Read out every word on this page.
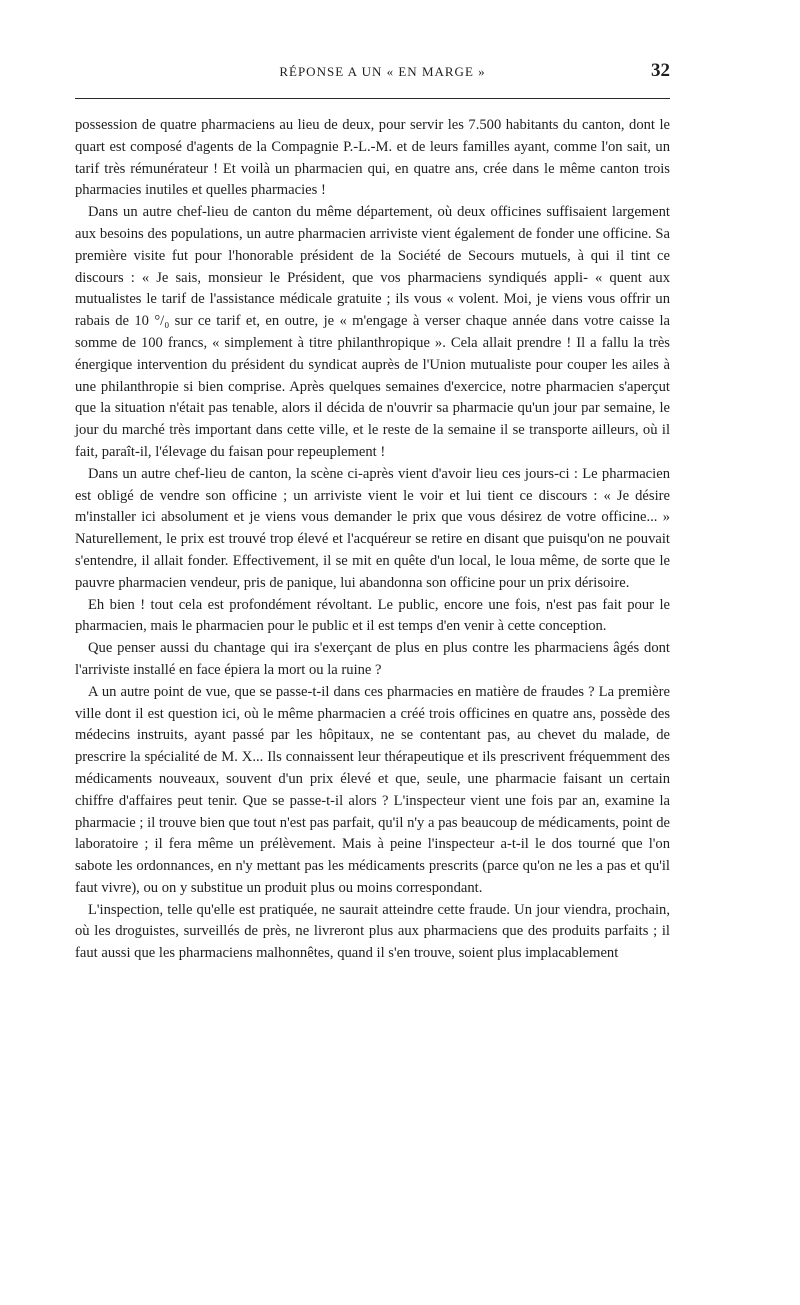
RÉPONSE A UN « EN MARGE »	32

possession de quatre pharmaciens au lieu de deux, pour servir les 7.500 habitants du canton, dont le quart est composé d'agents de la Compagnie P.-L.-M. et de leurs familles ayant, comme l'on sait, un tarif très rémunérateur ! Et voilà un pharmacien qui, en quatre ans, crée dans le même canton trois pharmacies inutiles et quelles pharmacies !

Dans un autre chef-lieu de canton du même département, où deux officines suffisaient largement aux besoins des populations, un autre pharmacien arriviste vient également de fonder une officine. Sa première visite fut pour l'honorable président de la Société de Secours mutuels, à qui il tint ce discours : « Je sais, monsieur le Président, que vos pharmaciens syndiqués appli- « quent aux mutualistes le tarif de l'assistance médicale gratuite ; ils vous « volent. Moi, je viens vous offrir un rabais de 10 °/₀ sur ce tarif et, en outre, je « m'engage à verser chaque année dans votre caisse la somme de 100 francs, « simplement à titre philanthropique ». Cela allait prendre ! Il a fallu la très énergique intervention du président du syndicat auprès de l'Union mutualiste pour couper les ailes à une philanthropie si bien comprise. Après quelques semaines d'exercice, notre pharmacien s'aperçut que la situation n'était pas tenable, alors il décida de n'ouvrir sa pharmacie qu'un jour par semaine, le jour du marché très important dans cette ville, et le reste de la semaine il se transporte ailleurs, où il fait, paraît-il, l'élevage du faisan pour repeuplement !

Dans un autre chef-lieu de canton, la scène ci-après vient d'avoir lieu ces jours-ci : Le pharmacien est obligé de vendre son officine ; un arriviste vient le voir et lui tient ce discours : « Je désire m'installer ici absolument et je viens vous demander le prix que vous désirez de votre officine... » Naturellement, le prix est trouvé trop élevé et l'acquéreur se retire en disant que puisqu'on ne pouvait s'entendre, il allait fonder. Effectivement, il se mit en quête d'un local, le loua même, de sorte que le pauvre pharmacien vendeur, pris de panique, lui abandonna son officine pour un prix dérisoire.

Eh bien ! tout cela est profondément révoltant. Le public, encore une fois, n'est pas fait pour le pharmacien, mais le pharmacien pour le public et il est temps d'en venir à cette conception.

Que penser aussi du chantage qui ira s'exerçant de plus en plus contre les pharmaciens âgés dont l'arriviste installé en face épiera la mort ou la ruine ?

A un autre point de vue, que se passe-t-il dans ces pharmacies en matière de fraudes ? La première ville dont il est question ici, où le même pharmacien a créé trois officines en quatre ans, possède des médecins instruits, ayant passé par les hôpitaux, ne se contentant pas, au chevet du malade, de prescrire la spécialité de M. X... Ils connaissent leur thérapeutique et ils prescrivent fréquemment des médicaments nouveaux, souvent d'un prix élevé et que, seule, une pharmacie faisant un certain chiffre d'affaires peut tenir. Que se passe-t-il alors ? L'inspecteur vient une fois par an, examine la pharmacie ; il trouve bien que tout n'est pas parfait, qu'il n'y a pas beaucoup de médicaments, point de laboratoire ; il fera même un prélèvement. Mais à peine l'inspecteur a-t-il le dos tourné que l'on sabote les ordonnances, en n'y mettant pas les médicaments prescrits (parce qu'on ne les a pas et qu'il faut vivre), ou on y substitue un produit plus ou moins correspondant.

L'inspection, telle qu'elle est pratiquée, ne saurait atteindre cette fraude. Un jour viendra, prochain, où les droguistes, surveillés de près, ne livreront plus aux pharmaciens que des produits parfaits ; il faut aussi que les pharmaciens malhonnêtes, quand il s'en trouve, soient plus implacablement
